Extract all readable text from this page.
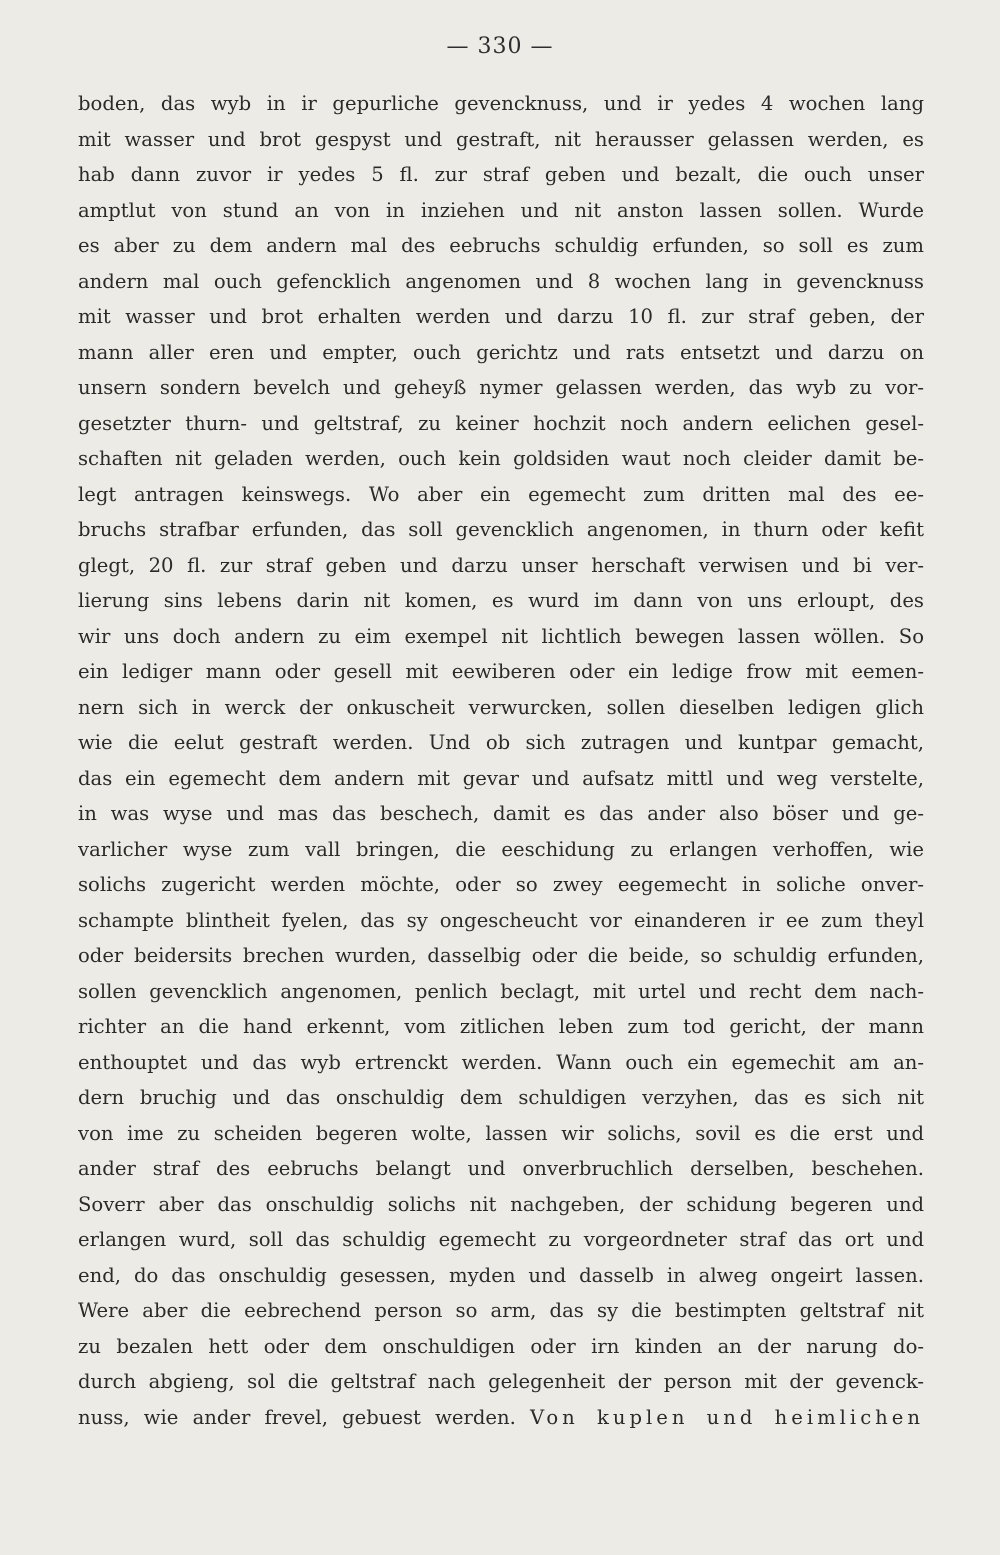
— 330 —
boden, das wyb in ir gepurliche gevencknuss, und ir yedes 4 wochen lang
mit wasser und brot gespyst und gestraft, nit herausser gelassen werden, es
hab dann zuvor ir yedes 5 fl. zur straf geben und bezalt, die ouch unser
amptlut von stund an von in inziehen und nit anston lassen sollen. Wurde
es aber zu dem andern mal des eebruchs schuldig erfunden, so soll es zum
andern mal ouch gefencklich angenomen und 8 wochen lang in gevencknuss
mit wasser und brot erhalten werden und darzu 10 fl. zur straf geben, der
mann aller eren und empter, ouch gerichtz und rats entsetzt und darzu on
unsern sondern bevelch und geheyß nymer gelassen werden, das wyb zu vor-
gesetzter thurn- und geltstraf, zu keiner hochzit noch andern eelichen gesel-
schaften nit geladen werden, ouch kein goldsiden waut noch cleider damit be-
legt antragen keinswegs. Wo aber ein egemecht zum dritten mal des ee-
bruchs strafbar erfunden, das soll gevencklich angenomen, in thurn oder kefit
glegt, 20 fl. zur straf geben und darzu unser herschaft verwisen und bi ver-
lierung sins lebens darin nit komen, es wurd im dann von uns erloupt, des
wir uns doch andern zu eim exempel nit lichtlich bewegen lassen wöllen. So
ein lediger mann oder gesell mit eewiberen oder ein ledige frow mit eemen-
nern sich in werck der onkuscheit verwurcken, sollen dieselben ledigen glich
wie die eelut gestraft werden. Und ob sich zutragen und kuntpar gemacht,
das ein egemecht dem andern mit gevar und aufsatz mittl und weg verstelte,
in was wyse und mas das beschech, damit es das ander also böser und ge-
varlicher wyse zum vall bringen, die eeschidung zu erlangen verhoffen, wie
solichs zugericht werden möchte, oder so zwey eegemecht in soliche onver-
schampte blintheit fyelen, das sy ongescheucht vor einanderen ir ee zum theyl
oder beidersits brechen wurden, dasselbig oder die beide, so schuldig erfunden,
sollen gevencklich angenomen, penlich beclagt, mit urtel und recht dem nach-
richter an die hand erkennt, vom zitlichen leben zum tod gericht, der mann
enthouptet und das wyb ertrenckt werden. Wann ouch ein egemechit am an-
dern bruchig und das onschuldig dem schuldigen verzyhen, das es sich nit
von ime zu scheiden begeren wolte, lassen wir solichs, sovil es die erst und
ander straf des eebruchs belangt und onverbruchlich derselben, beschehen.
Soverr aber das onschuldig solichs nit nachgeben, der schidung begeren und
erlangen wurd, soll das schuldig egemecht zu vorgeordneter straf das ort und
end, do das onschuldig gesessen, myden und dasselb in alweg ongeirt lassen.
Were aber die eebrechend person so arm, das sy die bestimpten geltstraf nit
zu bezalen hett oder dem onschuldigen oder irn kinden an der narung do-
durch abgieng, sol die geltstraf nach gelegenheit der person mit der gevenck-
nuss, wie ander frevel, gebuest werden. Von kuplen und heimlichen
